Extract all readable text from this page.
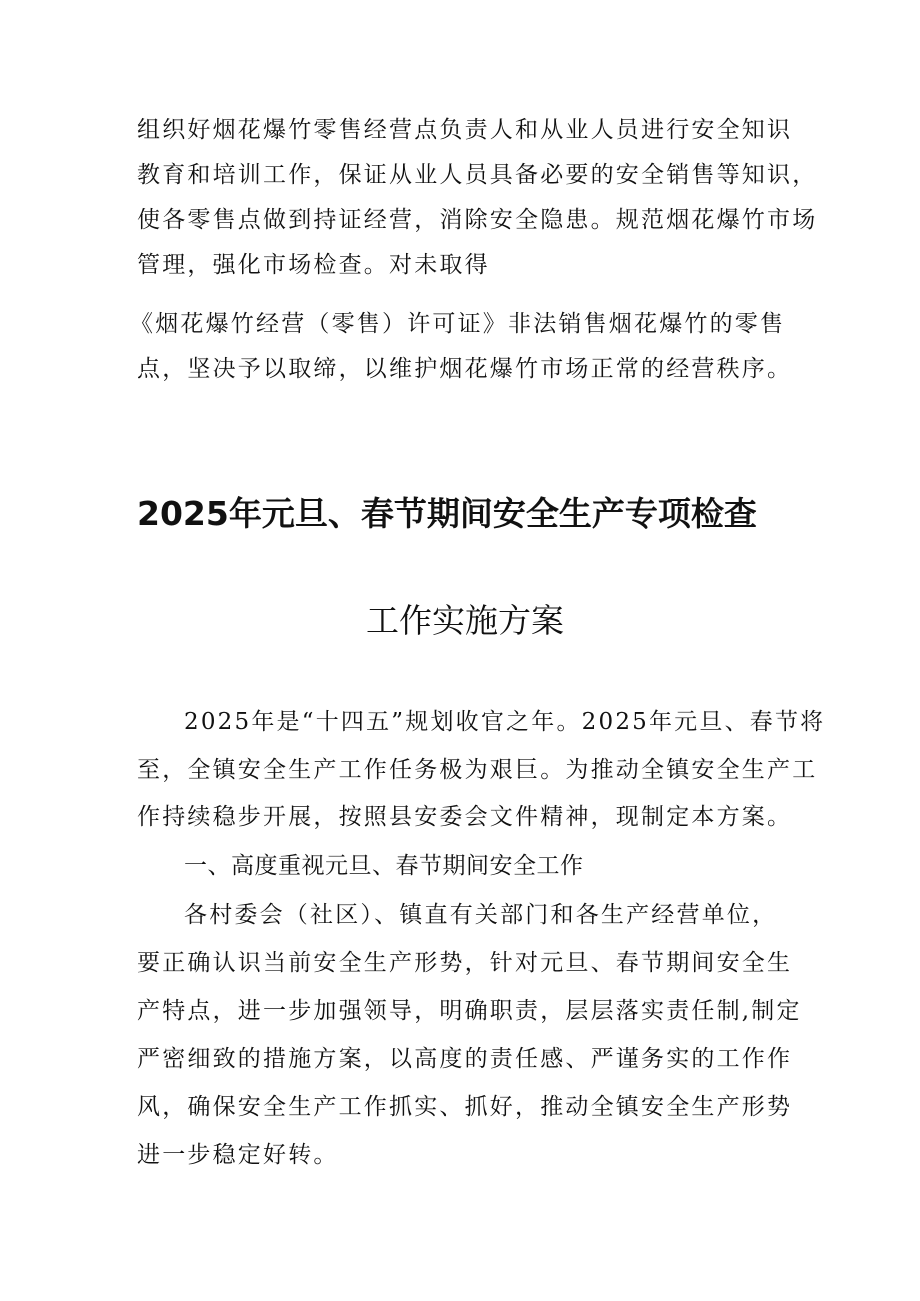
组织好烟花爆竹零售经营点负责人和从业人员进行安全知识
教育和培训工作，保证从业人员具备必要的安全销售等知识，
使各零售点做到持证经营，消除安全隐患。规范烟花爆竹市场
管理，强化市场检查。对未取得
《烟花爆竹经营（零售）许可证》非法销售烟花爆竹的零售
点，坚决予以取缔，以维护烟花爆竹市场正常的经营秩序。
2025年元旦、春节期间安全生产专项检查
工作实施方案
2025年是“十四五”规划收官之年。2025年元旦、春节将
至，全镇安全生产工作任务极为艰巨。为推动全镇安全生产工
作持续稳步开展，按照县安委会文件精神，现制定本方案。
一、高度重视元旦、春节期间安全工作
各村委会（社区）、镇直有关部门和各生产经营单位，
要正确认识当前安全生产形势，针对元旦、春节期间安全生
产特点，进一步加强领导，明确职责，层层落实责任制,制定
严密细致的措施方案，以高度的责任感、严谨务实的工作作
风，确保安全生产工作抓实、抓好，推动全镇安全生产形势
进一步稳定好转。
